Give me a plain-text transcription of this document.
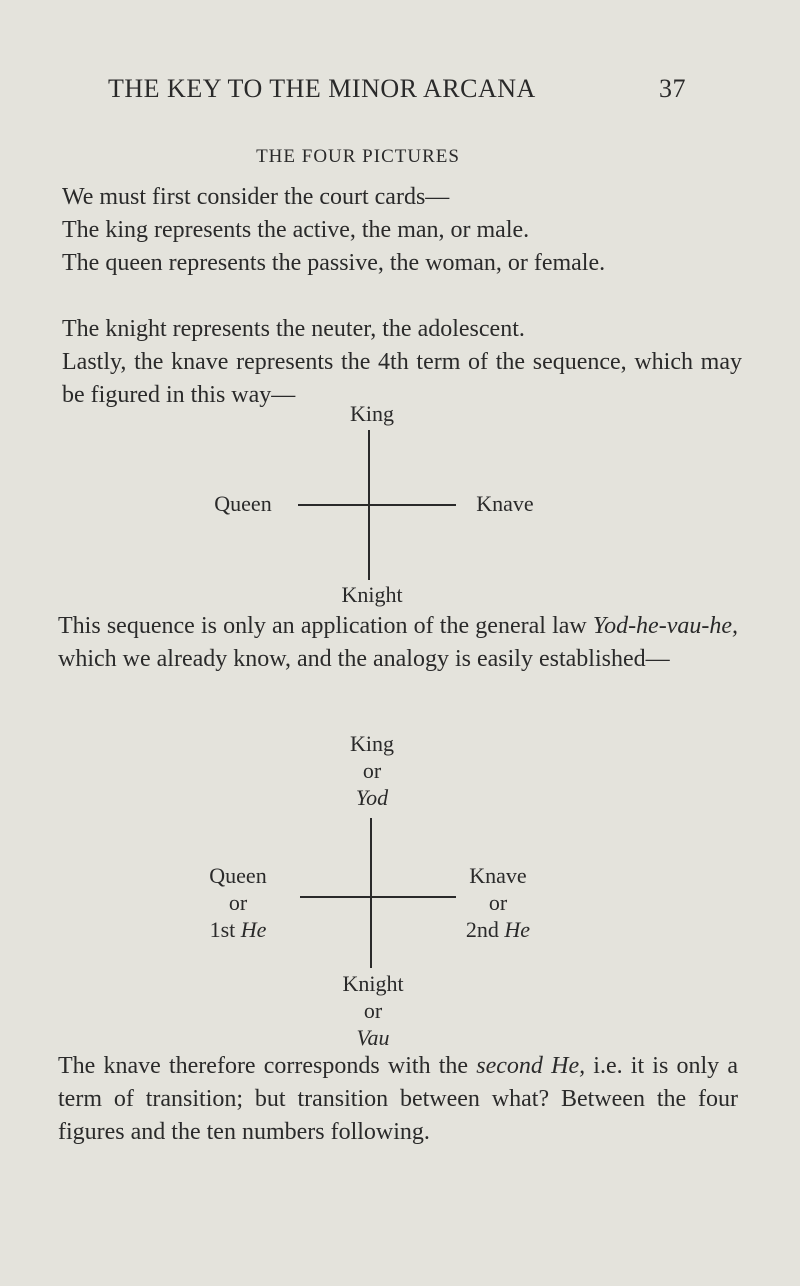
THE KEY TO THE MINOR ARCANA	37
THE FOUR PICTURES
We must first consider the court cards—
The king represents the active, the man, or male.
The queen represents the passive, the woman, or female.
The knight represents the neuter, the adolescent.
Lastly, the knave represents the 4th term of the sequence, which may be figured in this way—
King
Queen	Knave
Knight
This sequence is only an application of the general law Yod-he-vau-he, which we already know, and the analogy is easily established—
King
or
Yod
Queen
or
1st He
Knave
or
2nd He
Knight
or
Vau
The knave therefore corresponds with the second He, i.e. it is only a term of transition; but transition between what? Between the four figures and the ten numbers following.
